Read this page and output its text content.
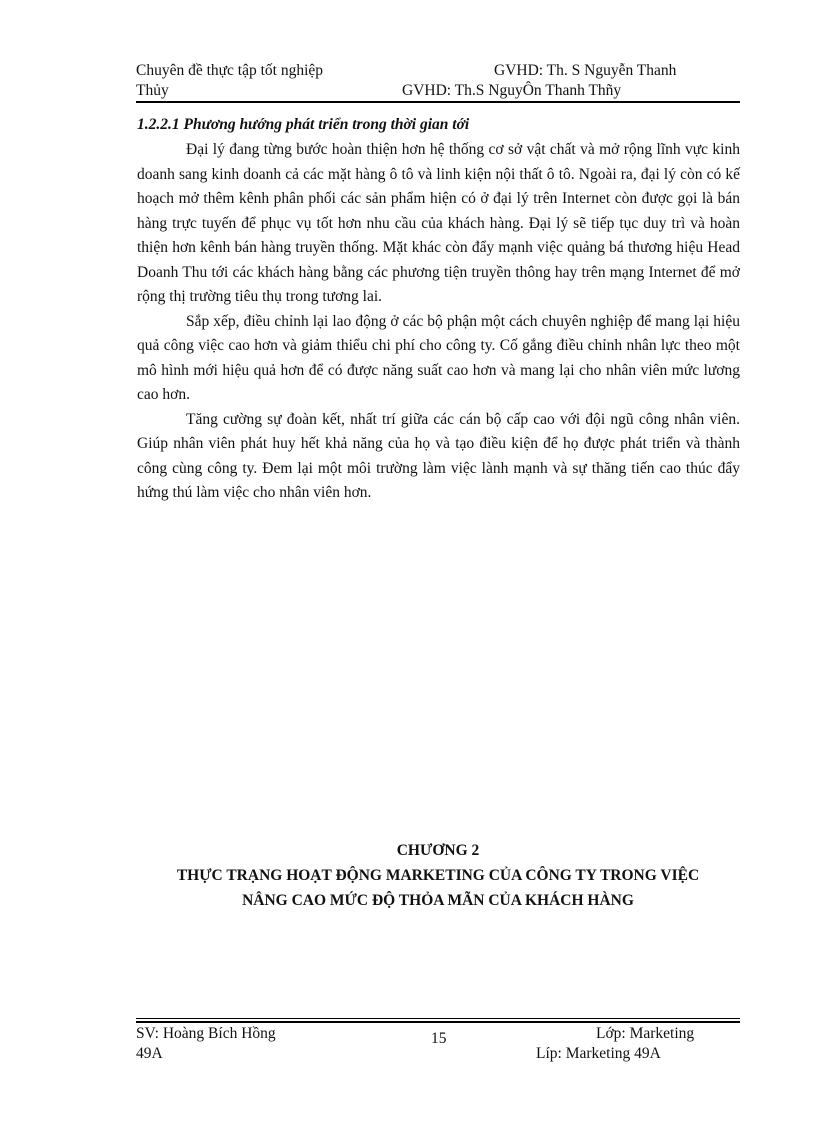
Chuyên đề thực tập tốt nghiệp	GVHD: Th. S Nguyễn Thanh
Thủy	GVHD: Th.S NguyÔn Thanh Thñy
1.2.2.1 Phương hướng phát triển trong thời gian tới

Đại lý đang từng bước hoàn thiện hơn hệ thống cơ sở vật chất và mở rộng lĩnh vực kinh doanh sang kinh doanh cả các mặt hàng ô tô và linh kiện nội thất ô tô. Ngoài ra, đại lý còn có kế hoạch mở thêm kênh phân phối các sản phẩm hiện có ở đại lý trên Internet còn được gọi là bán hàng trực tuyến để phục vụ tốt hơn nhu cầu của khách hàng. Đại lý sẽ tiếp tục duy trì và hoàn thiện hơn kênh bán hàng truyền thống. Mặt khác còn đẩy mạnh việc quảng bá thương hiệu Head Doanh Thu tới các khách hàng bằng các phương tiện truyền thông hay trên mạng Internet để mở rộng thị trường tiêu thụ trong tương lai.

Sắp xếp, điều chỉnh lại lao động ở các bộ phận một cách chuyên nghiệp để mang lại hiệu quả công việc cao hơn và giảm thiểu chi phí cho công ty. Cố gắng điều chỉnh nhân lực theo một mô hình mới hiệu quả hơn để có được năng suất cao hơn và mang lại cho nhân viên mức lương cao hơn.

Tăng cường sự đoàn kết, nhất trí giữa các cán bộ cấp cao với đội ngũ công nhân viên. Giúp nhân viên phát huy hết khả năng của họ và tạo điều kiện để họ được phát triển và thành công cùng công ty. Đem lại một môi trường làm việc lành mạnh và sự thăng tiến cao thúc đẩy hứng thú làm việc cho nhân viên hơn.

CHƯƠNG 2
THỰC TRẠNG HOẠT ĐỘNG MARKETING CỦA CÔNG TY TRONG VIỆC
NÂNG CAO MỨC ĐỘ THỎA MÃN CỦA KHÁCH HÀNG
SV: Hoàng Bích Hồng	15	Lớp: Marketing
49A	Líp: Marketing 49A
